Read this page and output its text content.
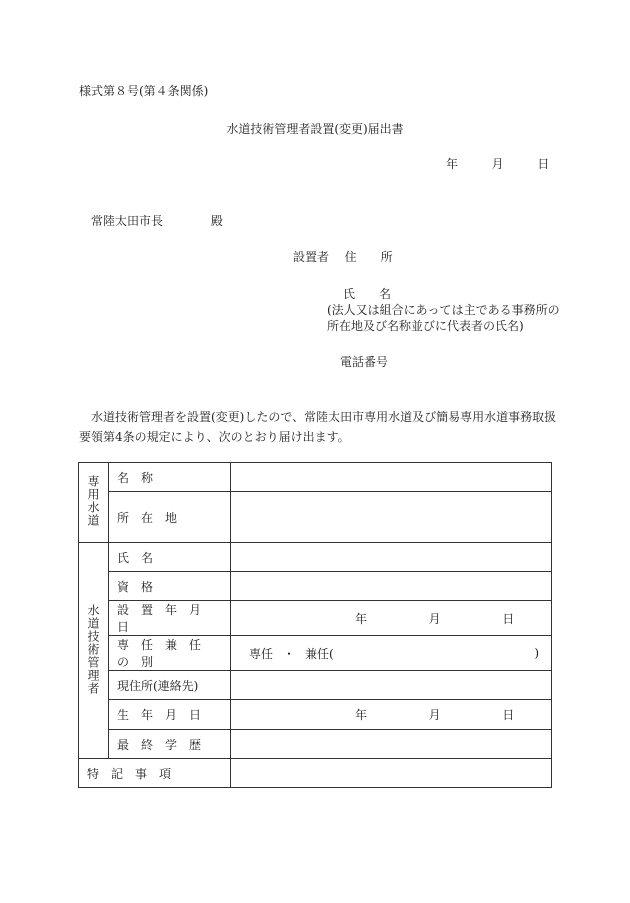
様式第８号(第４条関係)
水道技術管理者設置(変更)届出書
年	月	日
常陸太田市長	殿
設置者 住　　所
氏　　名
(法人又は組合にあっては主である事務所の所在地及び名称並びに代表者の氏名)
電話番号
水道技術管理者を設置(変更)したので、常陸太田市専用水道及び簡易専用水道事務取扱要領第4条の規定により、次のとおり届け出ます。
専用水道	名　称	

所　在　地	

水道技術管理者	氏　名	

資　格	

設　置　年　月　日	年 月 日

専　任　兼　任　の　別	専任 ・ 兼任( )

現住所(連絡先)	

生　年　月　日	年 月 日

最　終　学　歴	

特　記　事　項		
